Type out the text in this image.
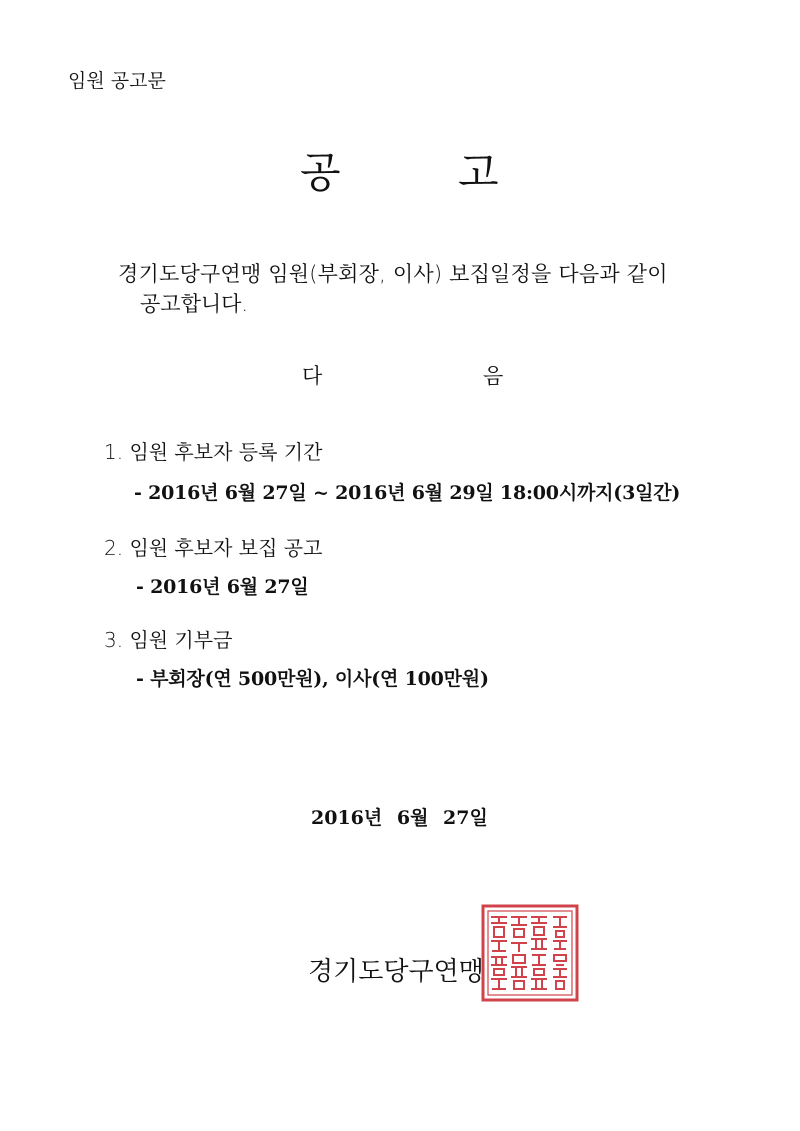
임원 공고문
공	고
경기도당구연맹 임원(부회장, 이사) 보집일정을 다음과 같이
공고합니다.
다	음
1. 임원 후보자 등록 기간
- 2016년 6월 27일 ~ 2016년 6월 29일 18:00시까지(3일간)
2. 임원 후보자 보집 공고
- 2016년 6월 27일
3. 임원 기부금
- 부회장(연 500만원), 이사(연 100만원)
2016년 6월 27일
경기도당구연맹
